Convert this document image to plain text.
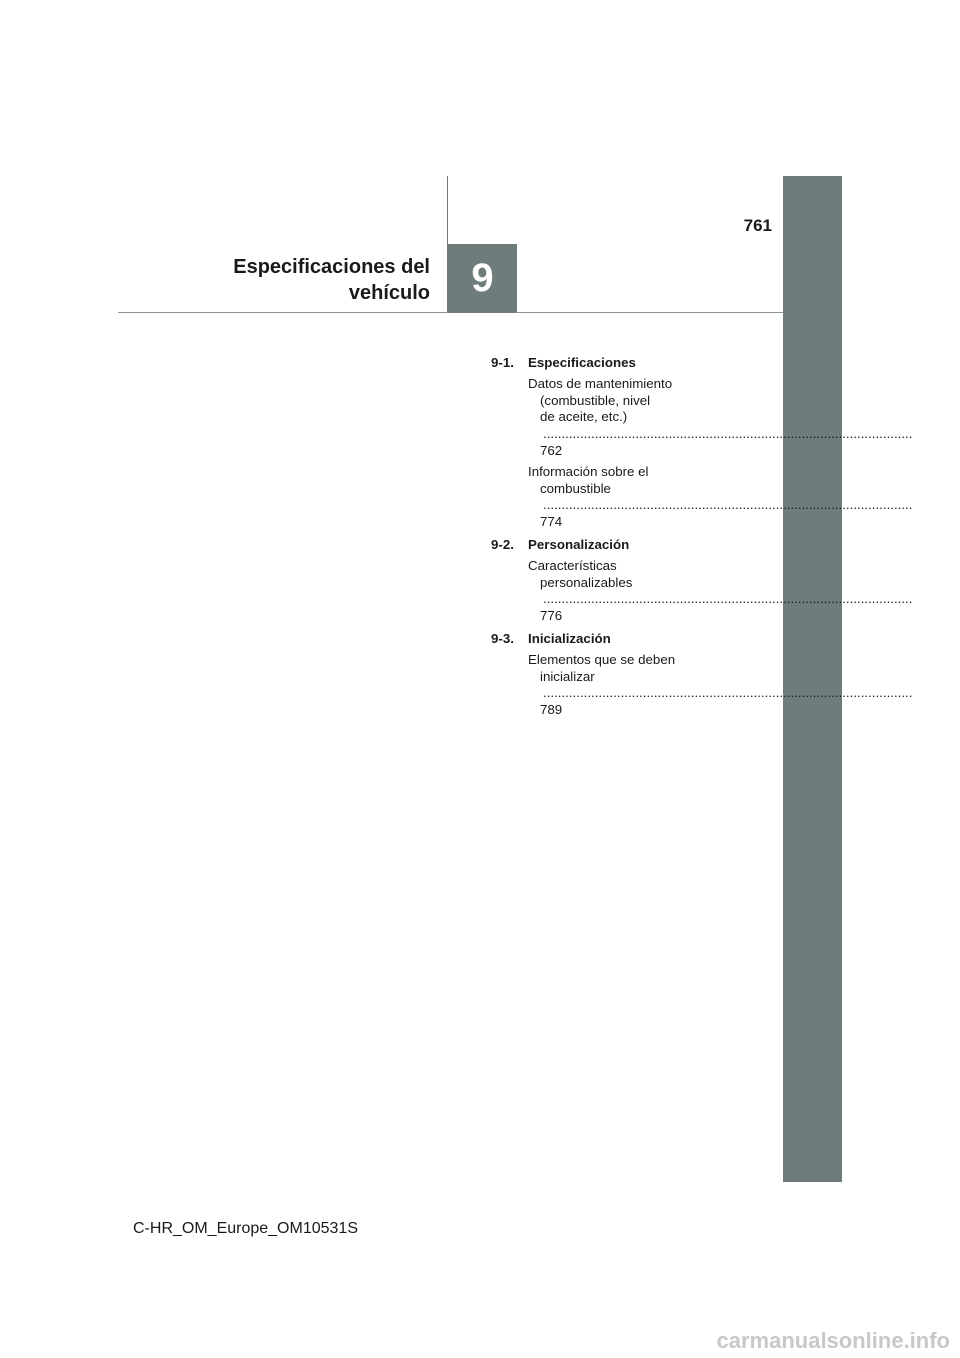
761
9
Especificaciones del
vehículo
9-1.	Especificaciones
Datos de mantenimiento
(combustible, nivel
de aceite, etc.) ..... 762
Información sobre el
combustible ..... 774
9-2.	Personalización
Características
personalizables ..... 776
9-3.	Inicialización
Elementos que se deben
inicializar ..... 789
C-HR_OM_Europe_OM10531S
carmanualsonline.info
